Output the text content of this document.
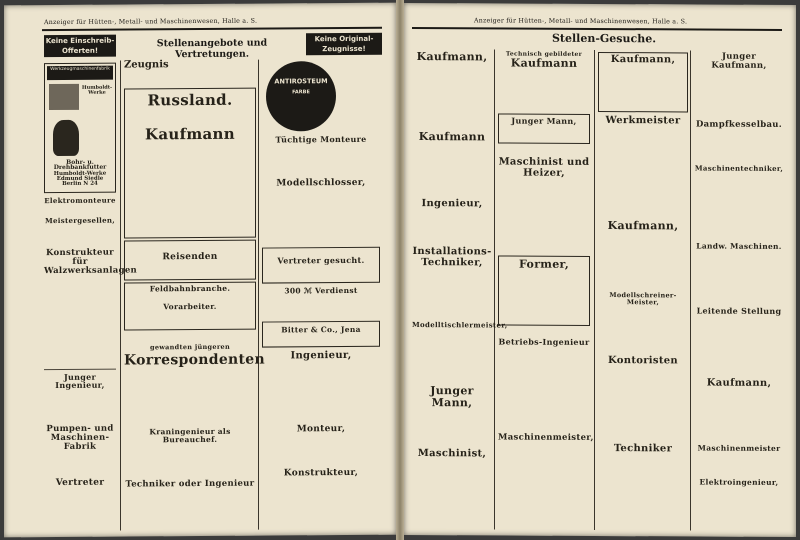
Anzeiger für Hütten-, Metall- und Maschinenwesen, Halle a. S.
Keine Einschreib-Offerten!
Stellenangebote und Vertretungen.
Keine Original-Zeugnisse!
Werkzeugmaschinenfabrik
Humboldt-Werke
Bohr- u. Drehbankfutter
Humboldt-Werke Edmund Siedle Berlin N 24
Elektromonteure
Meistergesellen,
Konstrukteur für Walzwerksanlagen
Junger Ingenieur,
Pumpen- und Maschinen-Fabrik
Vertreter
Zeugnis
Russland.
Kaufmann
Reisenden
Feldbahnbranche.
Vorarbeiter.
gewandten jüngeren
Korrespondenten
Kraningenieur als Bureauchef.
Techniker oder Ingenieur
ANTIROSTEUM
FARBE
Tüchtige Monteure
Modellschlosser,
Vertreter gesucht.
300 ℳ Verdienst
Bitter & Co., Jena
Ingenieur,
Monteur,
Konstrukteur,
Anzeiger für Hütten-, Metall- und Maschinenwesen, Halle a. S.
Stellen-Gesuche.
Kaufmann,
Kaufmann
Ingenieur,
Installations-Techniker,
Modelltischlermeister,
Junger Mann,
Maschinist,
Technisch gebildeter
Kaufmann
Junger Mann,
Maschinist und Heizer,
Former,
Betriebs-Ingenieur
Maschinenmeister,
Kaufmann,
Werkmeister
Kaufmann,
Modellschreiner-Meister,
Kontoristen
Techniker
Junger Kaufmann,
Dampfkesselbau.
Maschinentechniker,
Landw. Maschinen.
Leitende Stellung
Kaufmann,
Maschinenmeister
Elektroingenieur,
